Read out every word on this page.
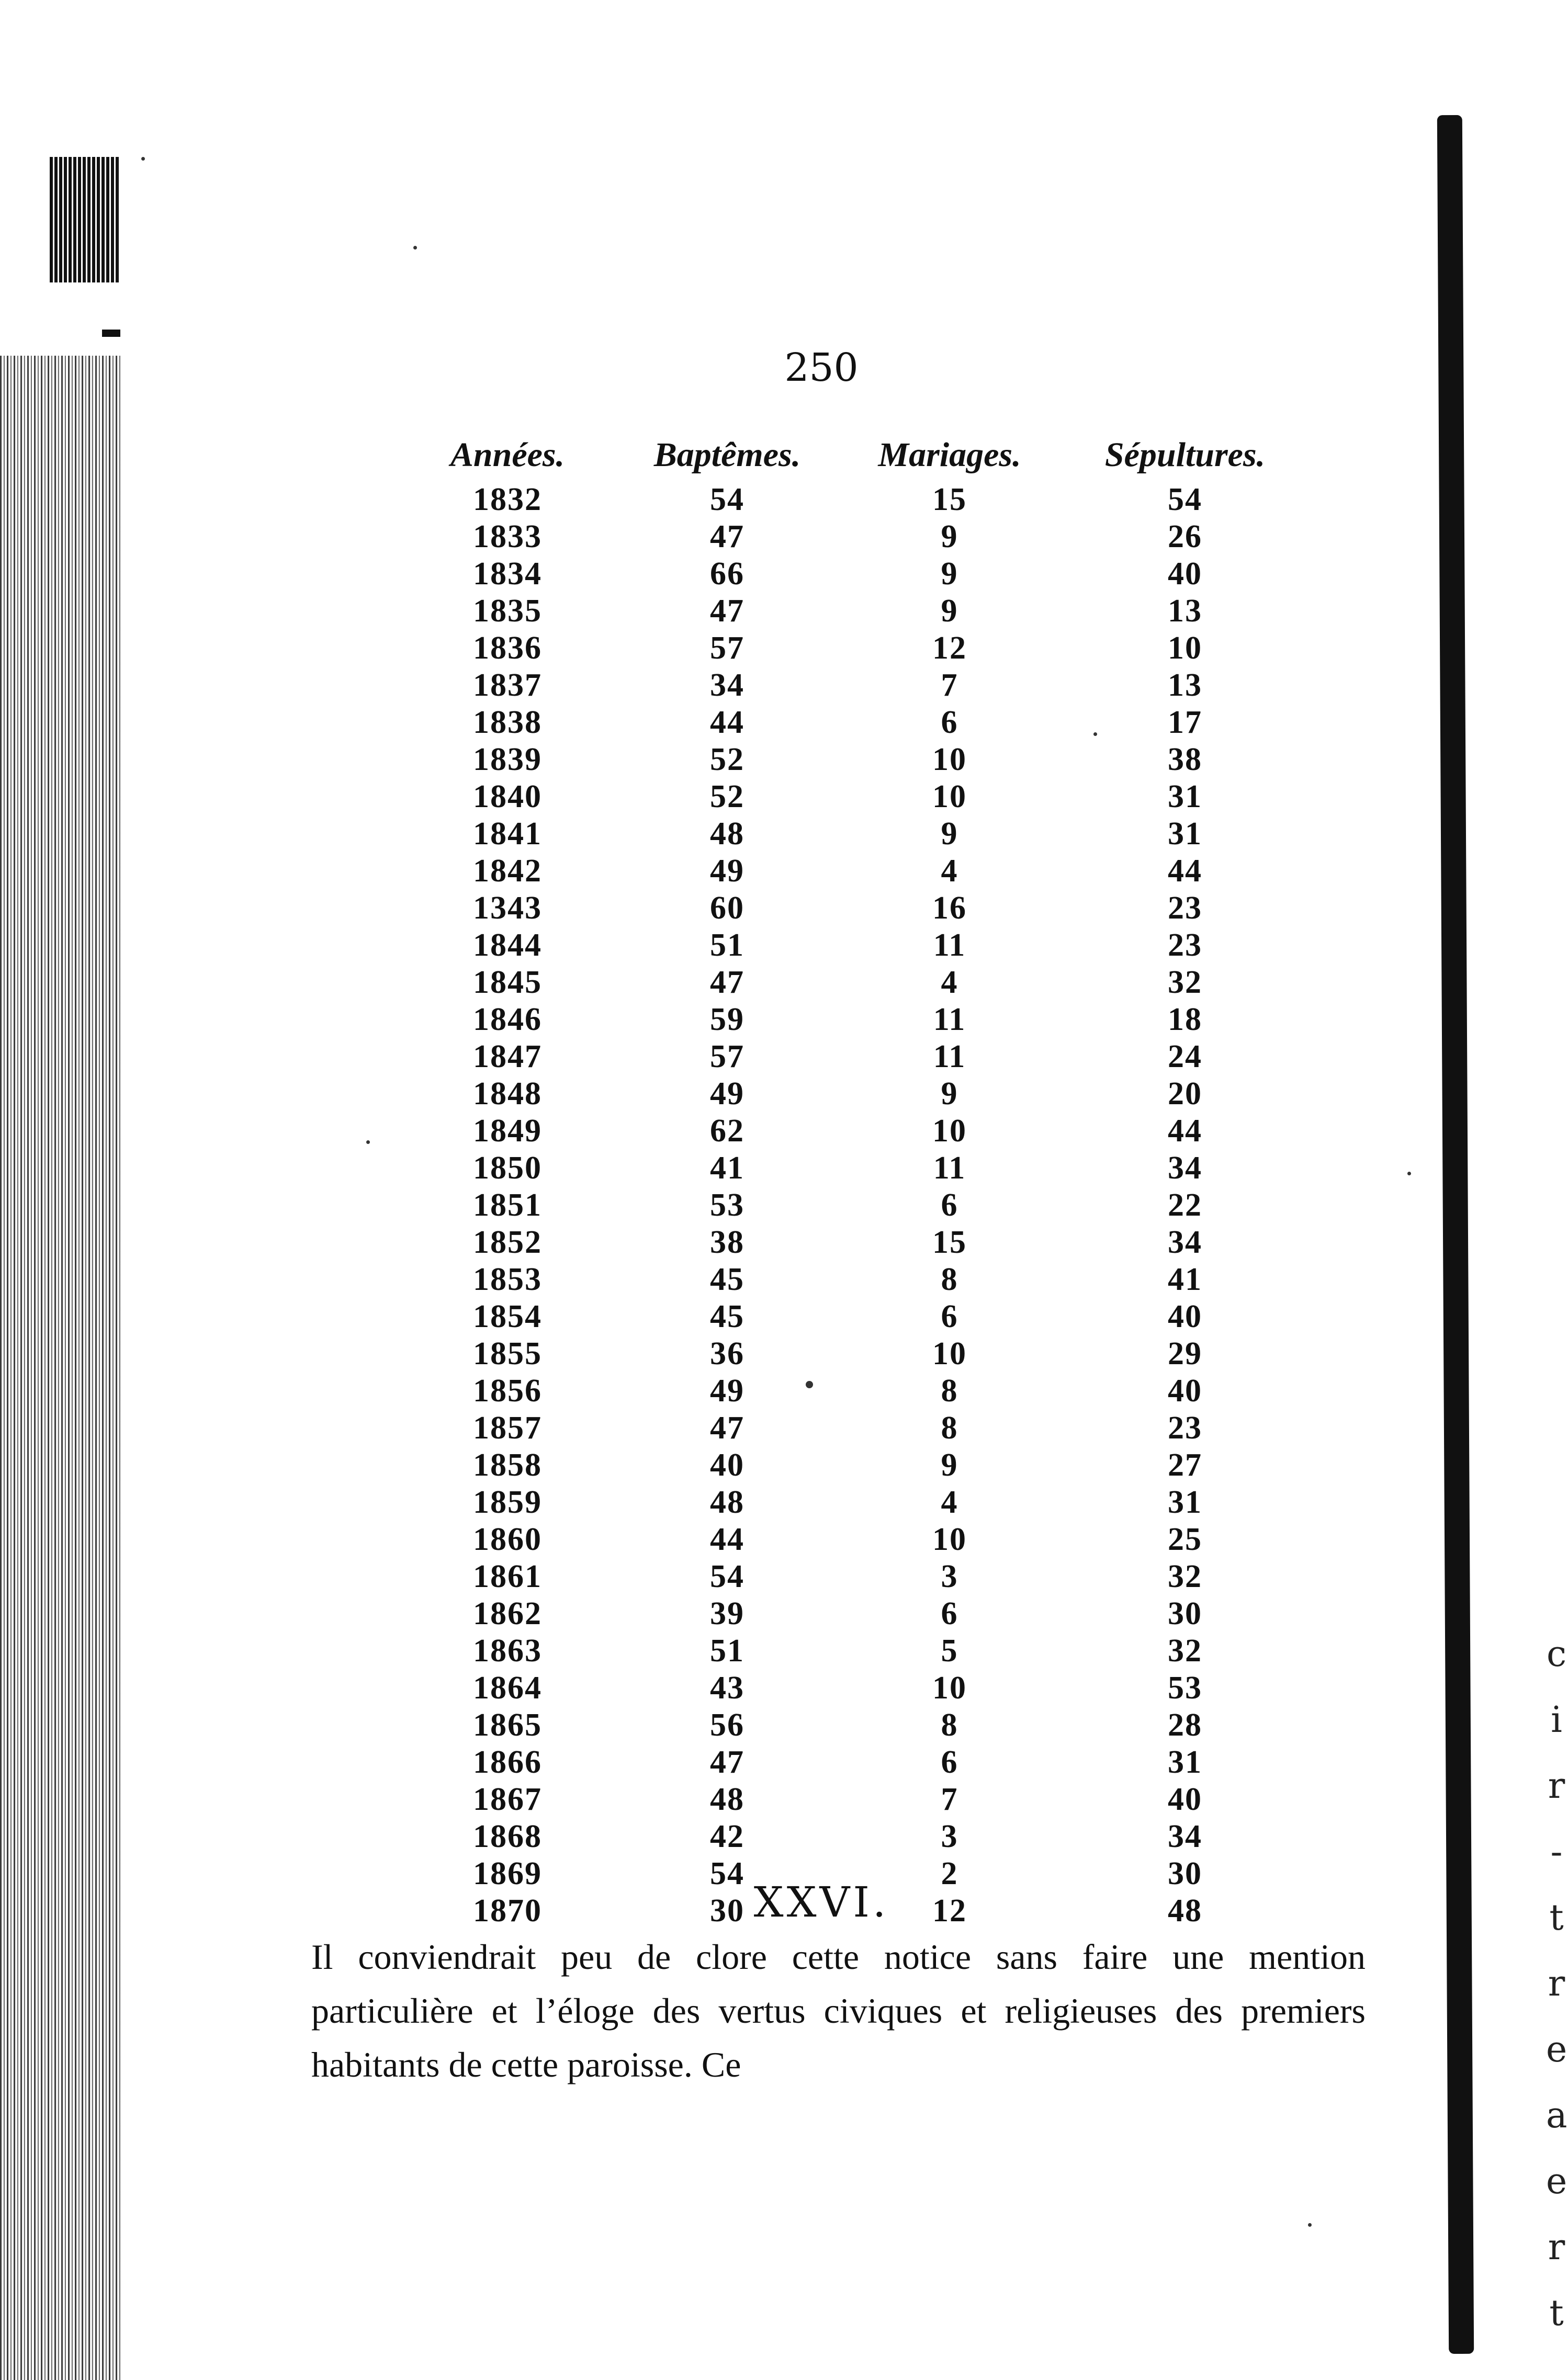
c
i
r
-
t
r
e
a
e
r
t
250
Années.	Baptêmes.	Mariages.	Sépultures.
1832	54	15	54
1833	47	9	26
1834	66	9	40
1835	47	9	13
1836	57	12	10
1837	34	7	13
1838	44	6	17
1839	52	10	38
1840	52	10	31
1841	48	9	31
1842	49	4	44
1343	60	16	23
1844	51	11	23
1845	47	4	32
1846	59	11	18
1847	57	11	24
1848	49	9	20
1849	62	10	44
1850	41	11	34
1851	53	6	22
1852	38	15	34
1853	45	8	41
1854	45	6	40
1855	36	10	29
1856	49	8	40
1857	47	8	23
1858	40	9	27
1859	48	4	31
1860	44	10	25
1861	54	3	32
1862	39	6	30
1863	51	5	32
1864	43	10	53
1865	56	8	28
1866	47	6	31
1867	48	7	40
1868	42	3	34
1869	54	2	30
1870	30	12	48
XXVI.
Il conviendrait peu de clore cette notice sans faire une mention particulière et l’éloge des vertus civiques et religieuses des premiers habitants de cette paroisse. Ce
